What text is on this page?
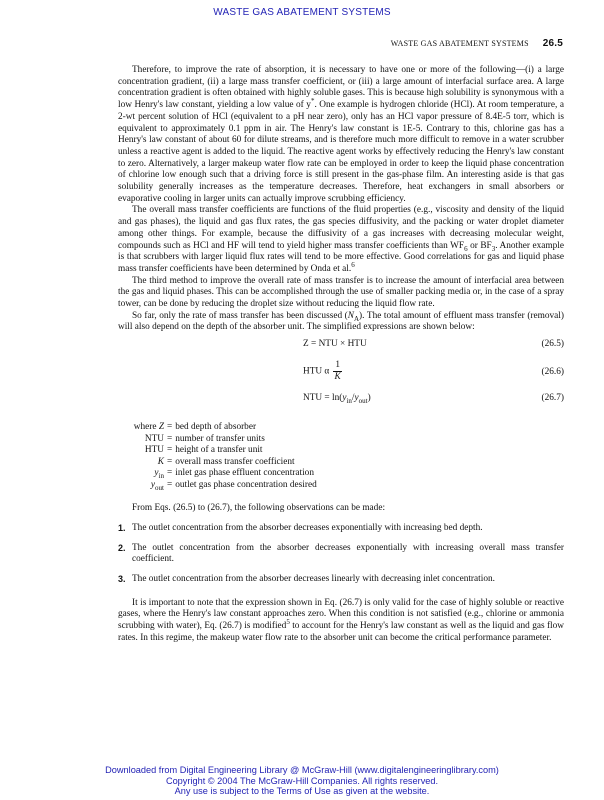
WASTE GAS ABATEMENT SYSTEMS
WASTE GAS ABATEMENT SYSTEMS 26.5

Therefore, to improve the rate of absorption, it is necessary to have one or more of the following—(i) a large concentration gradient, (ii) a large mass transfer coefficient, or (iii) a large amount of interfacial surface area. A large concentration gradient is often obtained with highly soluble gases. This is because high solubility is synonymous with a low Henry's law constant, yielding a low value of y*. One example is hydrogen chloride (HCl). At room temperature, a 2-wt percent solution of HCl (equivalent to a pH near zero), only has an HCl vapor pressure of 8.4E-5 torr, which is equivalent to approximately 0.1 ppm in air. The Henry's law constant is 1E-5. Contrary to this, chlorine gas has a Henry's law constant of about 60 for dilute streams, and is therefore much more difficult to remove in a water scrubber unless a reactive agent is added to the liquid. The reactive agent works by effectively reducing the Henry's law constant to zero. Alternatively, a larger makeup water flow rate can be employed in order to keep the liquid phase concentration of chlorine low enough such that a driving force is still present in the gas-phase film. An interesting aside is that gas solubility generally increases as the temperature decreases. Therefore, heat exchangers in small absorbers or evaporative cooling in larger units can actually improve scrubbing efficiency.

The overall mass transfer coefficients are functions of the fluid properties (e.g., viscosity and density of the liquid and gas phases), the liquid and gas flux rates, the gas species diffusivity, and the packing or water droplet diameter among other things. For example, because the diffusivity of a gas increases with decreasing molecular weight, compounds such as HCl and HF will tend to yield higher mass transfer coefficients than $WF_6$ or $BF_3$. Another example is that scrubbers with larger liquid flux rates will tend to be more effective. Good correlations for gas and liquid phase mass transfer coefficients have been determined by Onda et al.$^6$

The third method to improve the overall rate of mass transfer is to increase the amount of interfacial area between the gas and liquid phases. This can be accomplished through the use of smaller packing media or, in the case of a spray tower, can be done by reducing the droplet size without reducing the liquid flow rate.

So far, only the rate of mass transfer has been discussed $(N_A)$. The total amount of effluent mass transfer (removal) will also depend on the depth of the absorber unit. The simplified expressions are shown below:

Z = NTU × HTU	(26.5)
HTU α $\frac{1}{K}$	(26.6)
NTU = $\ln(y_{in}/y_{out})$	(26.7)
where Z = bed depth of absorber
NTU = number of transfer units
HTU = height of a transfer unit
K = overall mass transfer coefficient
$y_{in}$ = inlet gas phase effluent concentration
$y_{out}$ = outlet gas phase concentration desired

From Eqs. (26.5) to (26.7), the following observations can be made:

1. The outlet concentration from the absorber decreases exponentially with increasing bed depth.
2. The outlet concentration from the absorber decreases exponentially with increasing overall mass transfer coefficient.
3. The outlet concentration from the absorber decreases linearly with decreasing inlet concentration.

It is important to note that the expression shown in Eq. (26.7) is only valid for the case of highly soluble or reactive gases, where the Henry's law constant approaches zero. When this condition is not satisfied (e.g., chlorine or ammonia scrubbing with water), Eq. (26.7) is modified$^5$ to account for the Henry's law constant as well as the liquid and gas flow rates. In this regime, the makeup water flow rate to the absorber unit can become the critical performance parameter.

Downloaded from Digital Engineering Library @ McGraw-Hill (www.digitalengineeringlibrary.com)
Copyright © 2004 The McGraw-Hill Companies. All rights reserved.
Any use is subject to the Terms of Use as given at the website.
